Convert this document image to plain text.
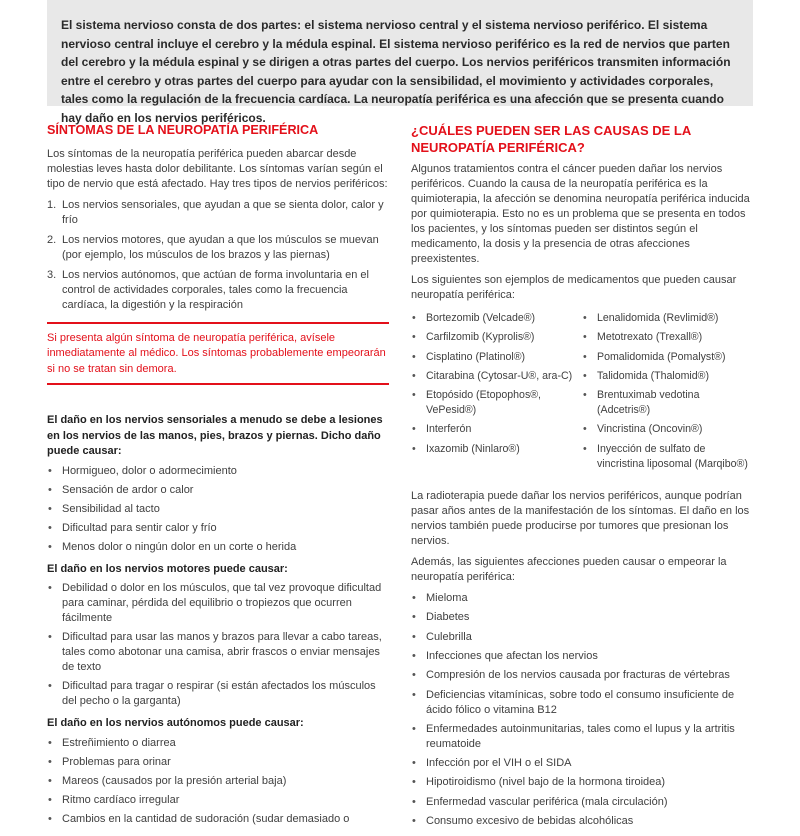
El sistema nervioso consta de dos partes: el sistema nervioso central y el sistema nervioso periférico. El sistema nervioso central incluye el cerebro y la médula espinal. El sistema nervioso periférico es la red de nervios que parten del cerebro y la médula espinal y se dirigen a otras partes del cuerpo. Los nervios periféricos transmiten información entre el cerebro y otras partes del cuerpo para ayudar con la sensibilidad, el movimiento y actividades corporales, tales como la regulación de la frecuencia cardíaca. La neuropatía periférica es una afección que se presenta cuando hay daño en los nervios periféricos.
SÍNTOMAS DE LA NEUROPATÍA PERIFÉRICA
Los síntomas de la neuropatía periférica pueden abarcar desde molestias leves hasta dolor debilitante. Los síntomas varían según el tipo de nervio que está afectado. Hay tres tipos de nervios periféricos:
1. Los nervios sensoriales, que ayudan a que se sienta dolor, calor y frío
2. Los nervios motores, que ayudan a que los músculos se muevan (por ejemplo, los músculos de los brazos y las piernas)
3. Los nervios autónomos, que actúan de forma involuntaria en el control de actividades corporales, tales como la frecuencia cardíaca, la digestión y la respiración
Si presenta algún síntoma de neuropatía periférica, avísele inmediatamente al médico. Los síntomas probablemente empeorarán si no se tratan sin demora.
El daño en los nervios sensoriales a menudo se debe a lesiones en los nervios de las manos, pies, brazos y piernas. Dicho daño puede causar:
• Hormigueo, dolor o adormecimiento
• Sensación de ardor o calor
• Sensibilidad al tacto
• Dificultad para sentir calor y frío
• Menos dolor o ningún dolor en un corte o herida
El daño en los nervios motores puede causar:
• Debilidad o dolor en los músculos, que tal vez provoque dificultad para caminar, pérdida del equilibrio o tropiezos que ocurren fácilmente
• Dificultad para usar las manos y brazos para llevar a cabo tareas, tales como abotonar una camisa, abrir frascos o enviar mensajes de texto
• Dificultad para tragar o respirar (si están afectados los músculos del pecho o la garganta)
El daño en los nervios autónomos puede causar:
• Estreñimiento o diarrea
• Problemas para orinar
• Mareos (causados por la presión arterial baja)
• Ritmo cardíaco irregular
• Cambios en la cantidad de sudoración (sudar demasiado o
¿CUÁLES PUEDEN SER LAS CAUSAS DE LA NEUROPATÍA PERIFÉRICA?
Algunos tratamientos contra el cáncer pueden dañar los nervios periféricos. Cuando la causa de la neuropatía periférica es la quimioterapia, la afección se denomina neuropatía periférica inducida por quimioterapia. Esto no es un problema que se presenta en todos los pacientes, y los síntomas pueden ser distintos según el medicamento, la dosis y la presencia de otras afecciones preexistentes.
Los siguientes son ejemplos de medicamentos que pueden causar neuropatía periférica:
• Bortezomib (Velcade®)
• Carfilzomib (Kyprolis®)
• Cisplatino (Platinol®)
• Citarabina (Cytosar-U®, ara-C)
• Etopósido (Etopophos®, VePesid®)
• Interferón
• Ixazomib (Ninlaro®)
• Lenalidomida (Revlimid®)
• Metotrexato (Trexall®)
• Pomalidomida (Pomalyst®)
• Talidomida (Thalomid®)
• Brentuximab vedotina (Adcetris®)
• Vincristina (Oncovin®)
• Inyección de sulfato de vincristina liposomal (Marqibo®)
La radioterapia puede dañar los nervios periféricos, aunque podrían pasar años antes de la manifestación de los síntomas. El daño en los nervios también puede producirse por tumores que presionan los nervios.
Además, las siguientes afecciones pueden causar o empeorar la neuropatía periférica:
• Mieloma
• Diabetes
• Culebrilla
• Infecciones que afectan los nervios
• Compresión de los nervios causada por fracturas de vértebras
• Deficiencias vitamínicas, sobre todo el consumo insuficiente de ácido fólico o vitamina B12
• Enfermedades autoinmunitarias, tales como el lupus y la artritis reumatoide
• Infección por el VIH o el SIDA
• Hipotiroidismo (nivel bajo de la hormona tiroidea)
• Enfermedad vascular periférica (mala circulación)
• Consumo excesivo de bebidas alcohólicas
